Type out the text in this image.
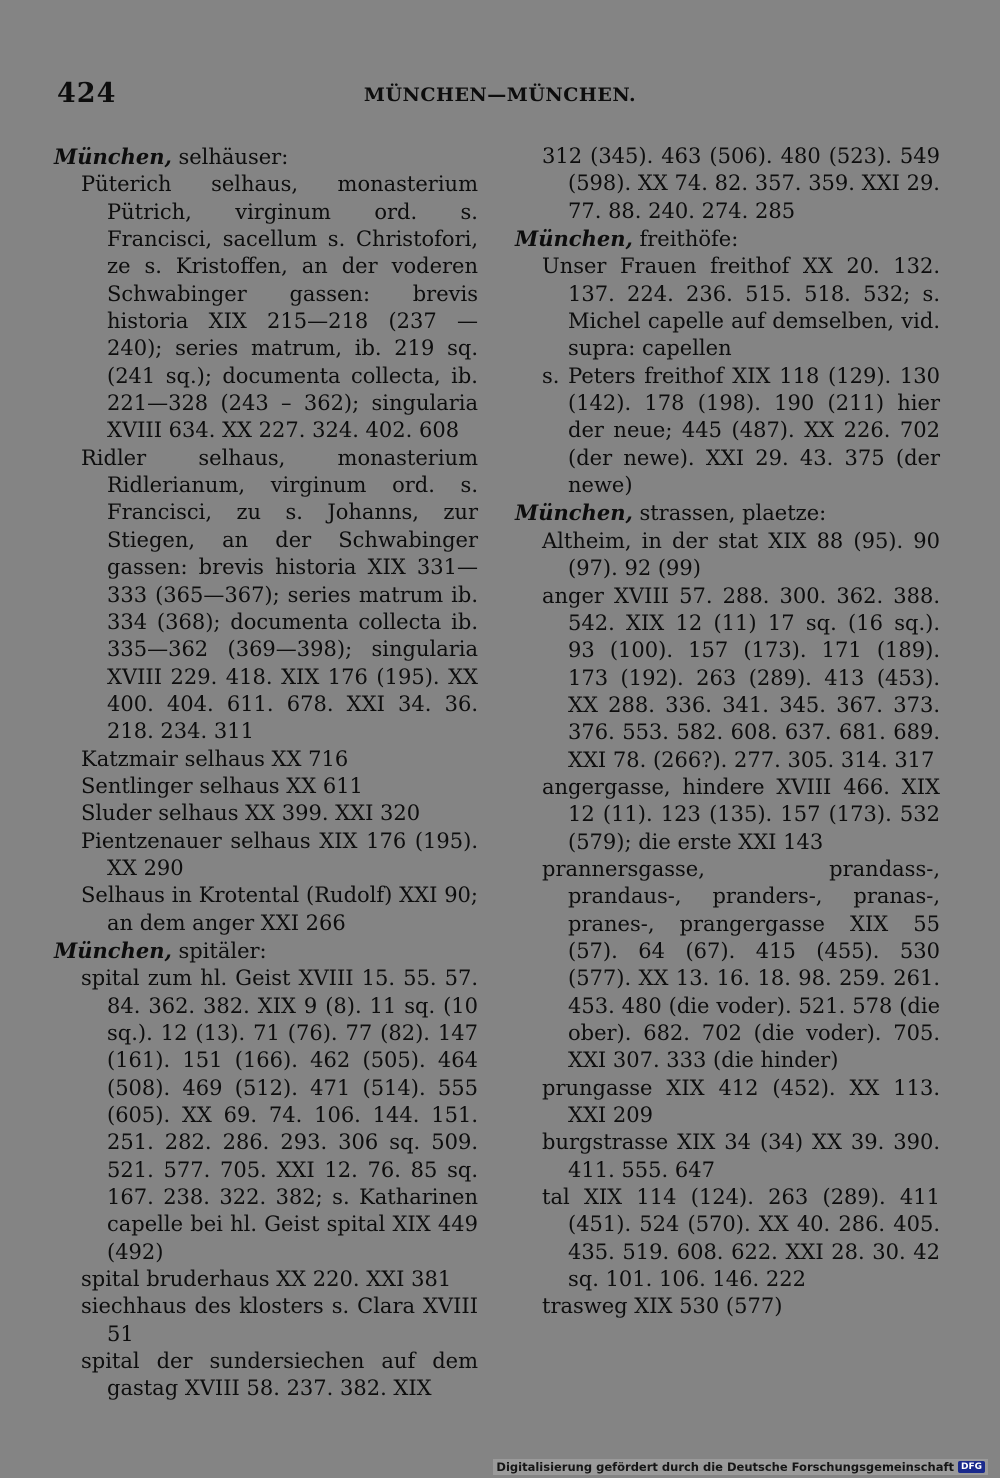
424	MÜNCHEN—MÜNCHEN.

München, selhäuser:

Püterich selhaus, monasterium Pütrich, virginum ord. s. Francisci, sacellum s. Christofori, ze s. Kristoffen, an der voderen Schwabinger gassen: brevis historia XIX 215—218 (237 — 240); series matrum, ib. 219 sq. (241 sq.); documenta collecta, ib. 221—328 (243 – 362); singularia XVIII 634. XX 227. 324. 402. 608

Ridler selhaus, monasterium Ridlerianum, virginum ord. s. Francisci, zu s. Johanns, zur Stiegen, an der Schwabinger gassen: brevis historia XIX 331—333 (365—367); series matrum ib. 334 (368); documenta collecta ib. 335—362 (369—398); singularia XVIII 229. 418. XIX 176 (195). XX 400. 404. 611. 678. XXI 34. 36. 218. 234. 311

Katzmair selhaus XX 716

Sentlinger selhaus XX 611

Sluder selhaus XX 399. XXI 320

Pientzenauer selhaus XIX 176 (195). XX 290

Selhaus in Krotental (Rudolf) XXI 90; an dem anger XXI 266

München, spitäler:

spital zum hl. Geist XVIII 15. 55. 57. 84. 362. 382. XIX 9 (8). 11 sq. (10 sq.). 12 (13). 71 (76). 77 (82). 147 (161). 151 (166). 462 (505). 464 (508). 469 (512). 471 (514). 555 (605). XX 69. 74. 106. 144. 151. 251. 282. 286. 293. 306 sq. 509. 521. 577. 705. XXI 12. 76. 85 sq. 167. 238. 322. 382; s. Katharinen capelle bei hl. Geist spital XIX 449 (492)

spital bruderhaus XX 220. XXI 381

siechhaus des klosters s. Clara XVIII 51

spital der sundersiechen auf dem gastag XVIII 58. 237. 382. XIX

312 (345). 463 (506). 480 (523). 549 (598). XX 74. 82. 357. 359. XXI 29. 77. 88. 240. 274. 285

München, freithöfe:

Unser Frauen freithof XX 20. 132. 137. 224. 236. 515. 518. 532; s. Michel capelle auf demselben, vid. supra: capellen

s. Peters freithof XIX 118 (129). 130 (142). 178 (198). 190 (211) hier der neue; 445 (487). XX 226. 702 (der newe). XXI 29. 43. 375 (der newe)

München, strassen, plaetze:

Altheim, in der stat XIX 88 (95). 90 (97). 92 (99)

anger XVIII 57. 288. 300. 362. 388. 542. XIX 12 (11) 17 sq. (16 sq.). 93 (100). 157 (173). 171 (189). 173 (192). 263 (289). 413 (453). XX 288. 336. 341. 345. 367. 373. 376. 553. 582. 608. 637. 681. 689. XXI 78. (266?). 277. 305. 314. 317

angergasse, hindere XVIII 466. XIX 12 (11). 123 (135). 157 (173). 532 (579); die erste XXI 143

prannersgasse, prandass-, prandaus-, pranders-, pranas-, pranes-, prangergasse XIX 55 (57). 64 (67). 415 (455). 530 (577). XX 13. 16. 18. 98. 259. 261. 453. 480 (die voder). 521. 578 (die ober). 682. 702 (die voder). 705. XXI 307. 333 (die hinder)

prungasse XIX 412 (452). XX 113. XXI 209

burgstrasse XIX 34 (34) XX 39. 390. 411. 555. 647

tal XIX 114 (124). 263 (289). 411 (451). 524 (570). XX 40. 286. 405. 435. 519. 608. 622. XXI 28. 30. 42 sq. 101. 106. 146. 222

trasweg XIX 530 (577)

Digitalisierung gefördert durch die Deutsche Forschungsgemeinschaft DFG
